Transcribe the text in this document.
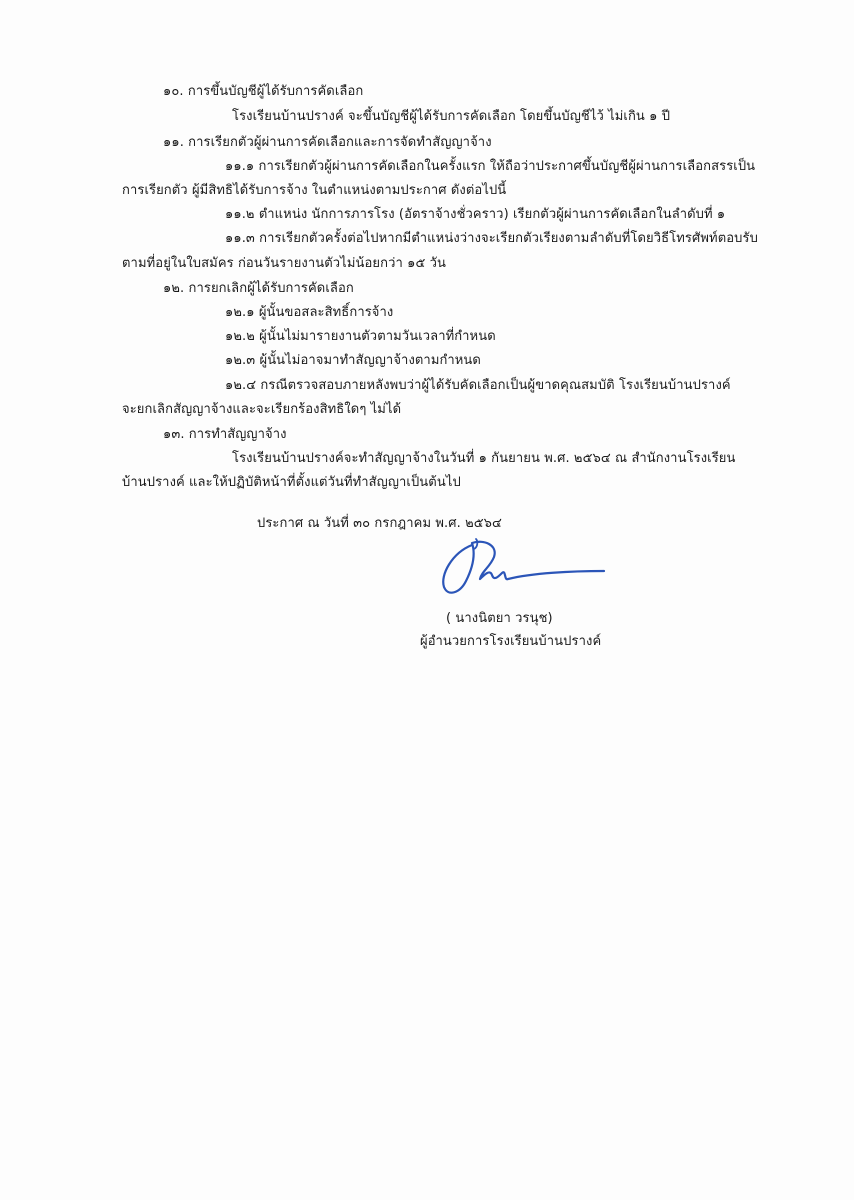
๑๐. การขึ้นบัญชีผู้ได้รับการคัดเลือก
โรงเรียนบ้านปรางค์ จะขึ้นบัญชีผู้ได้รับการคัดเลือก โดยขึ้นบัญชีไว้ ไม่เกิน ๑ ปี
๑๑. การเรียกตัวผู้ผ่านการคัดเลือกและการจัดทำสัญญาจ้าง
๑๑.๑ การเรียกตัวผู้ผ่านการคัดเลือกในครั้งแรก ให้ถือว่าประกาศขึ้นบัญชีผู้ผ่านการเลือกสรรเป็น
การเรียกตัว ผู้มีสิทธิได้รับการจ้าง ในตำแหน่งตามประกาศ ดังต่อไปนี้
๑๑.๒ ตำแหน่ง นักการภารโรง (อัตราจ้างชั่วคราว) เรียกตัวผู้ผ่านการคัดเลือกในลำดับที่ ๑
๑๑.๓ การเรียกตัวครั้งต่อไปหากมีตำแหน่งว่างจะเรียกตัวเรียงตามลำดับที่โดยวิธีโทรศัพท์ตอบรับ
ตามที่อยู่ในใบสมัคร ก่อนวันรายงานตัวไม่น้อยกว่า ๑๕ วัน
๑๒. การยกเลิกผู้ได้รับการคัดเลือก
๑๒.๑ ผู้นั้นขอสละสิทธิ์การจ้าง
๑๒.๒ ผู้นั้นไม่มารายงานตัวตามวันเวลาที่กำหนด
๑๒.๓ ผู้นั้นไม่อาจมาทำสัญญาจ้างตามกำหนด
๑๒.๔ กรณีตรวจสอบภายหลังพบว่าผู้ได้รับคัดเลือกเป็นผู้ขาดคุณสมบัติ โรงเรียนบ้านปรางค์
จะยกเลิกสัญญาจ้างและจะเรียกร้องสิทธิใดๆ ไม่ได้
๑๓. การทำสัญญาจ้าง
โรงเรียนบ้านปรางค์จะทำสัญญาจ้างในวันที่ ๑ กันยายน พ.ศ. ๒๕๖๔ ณ สำนักงานโรงเรียน
บ้านปรางค์ และให้ปฏิบัติหน้าที่ตั้งแต่วันที่ทำสัญญาเป็นต้นไป
ประกาศ ณ วันที่ ๓๐ กรกฎาคม พ.ศ. ๒๕๖๔
( นางนิตยา วรนุช)
ผู้อำนวยการโรงเรียนบ้านปรางค์
